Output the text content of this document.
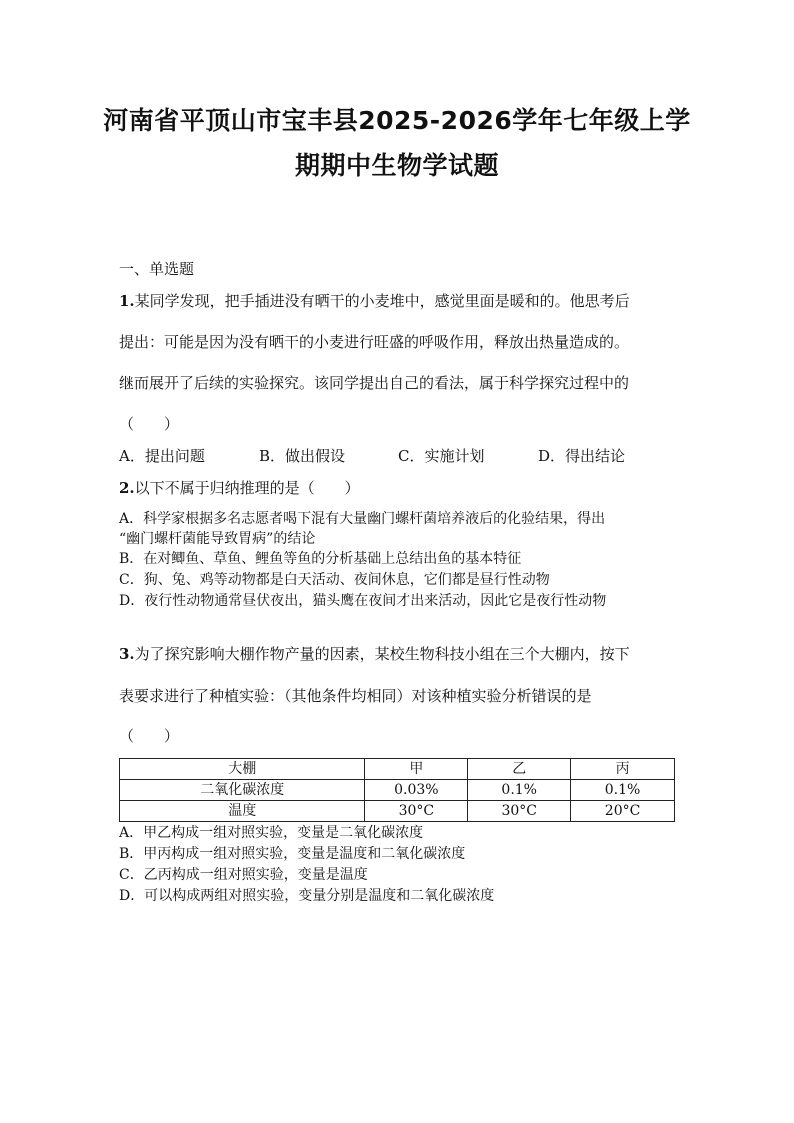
河南省平顶山市宝丰县2025-2026学年七年级上学
期期中生物学试题
一、单选题
1.某同学发现，把手插进没有晒干的小麦堆中，感觉里面是暖和的。他思考后
提出：可能是因为没有晒干的小麦进行旺盛的呼吸作用，释放出热量造成的。
继而展开了后续的实验探究。该同学提出自己的看法，属于科学探究过程中的
（　　）
A．提出问题	B．做出假设	C．实施计划	D．得出结论
2.以下不属于归纳推理的是（　　）
A．科学家根据多名志愿者喝下混有大量幽门螺杆菌培养液后的化验结果，得出
“幽门螺杆菌能导致胃病”的结论
B．在对鲫鱼、草鱼、鲤鱼等鱼的分析基础上总结出鱼的基本特征
C．狗、兔、鸡等动物都是白天活动、夜间休息，它们都是昼行性动物
D．夜行性动物通常昼伏夜出，猫头鹰在夜间才出来活动，因此它是夜行性动物
3.为了探究影响大棚作物产量的因素，某校生物科技小组在三个大棚内，按下
表要求进行了种植实验：（其他条件均相同）对该种植实验分析错误的是
（　　）
大棚	甲	乙	丙
二氧化碳浓度	0.03%	0.1%	0.1%
温度	30°C	30°C	20°C
A．甲乙构成一组对照实验，变量是二氧化碳浓度
B．甲丙构成一组对照实验，变量是温度和二氧化碳浓度
C．乙丙构成一组对照实验，变量是温度
D．可以构成两组对照实验，变量分别是温度和二氧化碳浓度
